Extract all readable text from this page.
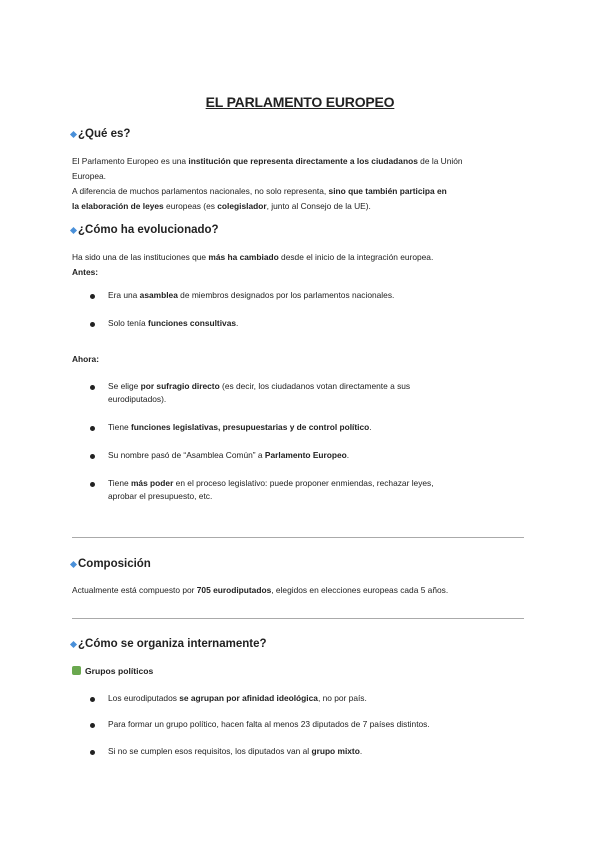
EL PARLAMENTO EUROPEO
¿Qué es?
El Parlamento Europeo es una institución que representa directamente a los ciudadanos de la Unión
Europea.
A diferencia de muchos parlamentos nacionales, no solo representa, sino que también participa en
la elaboración de leyes europeas (es colegislador, junto al Consejo de la UE).
¿Cómo ha evolucionado?
Ha sido una de las instituciones que más ha cambiado desde el inicio de la integración europea.
Antes:
Era una asamblea de miembros designados por los parlamentos nacionales.
Solo tenía funciones consultivas.
Ahora:
Se elige por sufragio directo (es decir, los ciudadanos votan directamente a sus
eurodiputados).
Tiene funciones legislativas, presupuestarias y de control político.
Su nombre pasó de “Asamblea Común” a Parlamento Europeo.
Tiene más poder en el proceso legislativo: puede proponer enmiendas, rechazar leyes,
aprobar el presupuesto, etc.
Composición
Actualmente está compuesto por 705 eurodiputados, elegidos en elecciones europeas cada 5 años.
¿Cómo se organiza internamente?
Grupos políticos
Los eurodiputados se agrupan por afinidad ideológica, no por país.
Para formar un grupo político, hacen falta al menos 23 diputados de 7 países distintos.
Si no se cumplen esos requisitos, los diputados van al grupo mixto.
